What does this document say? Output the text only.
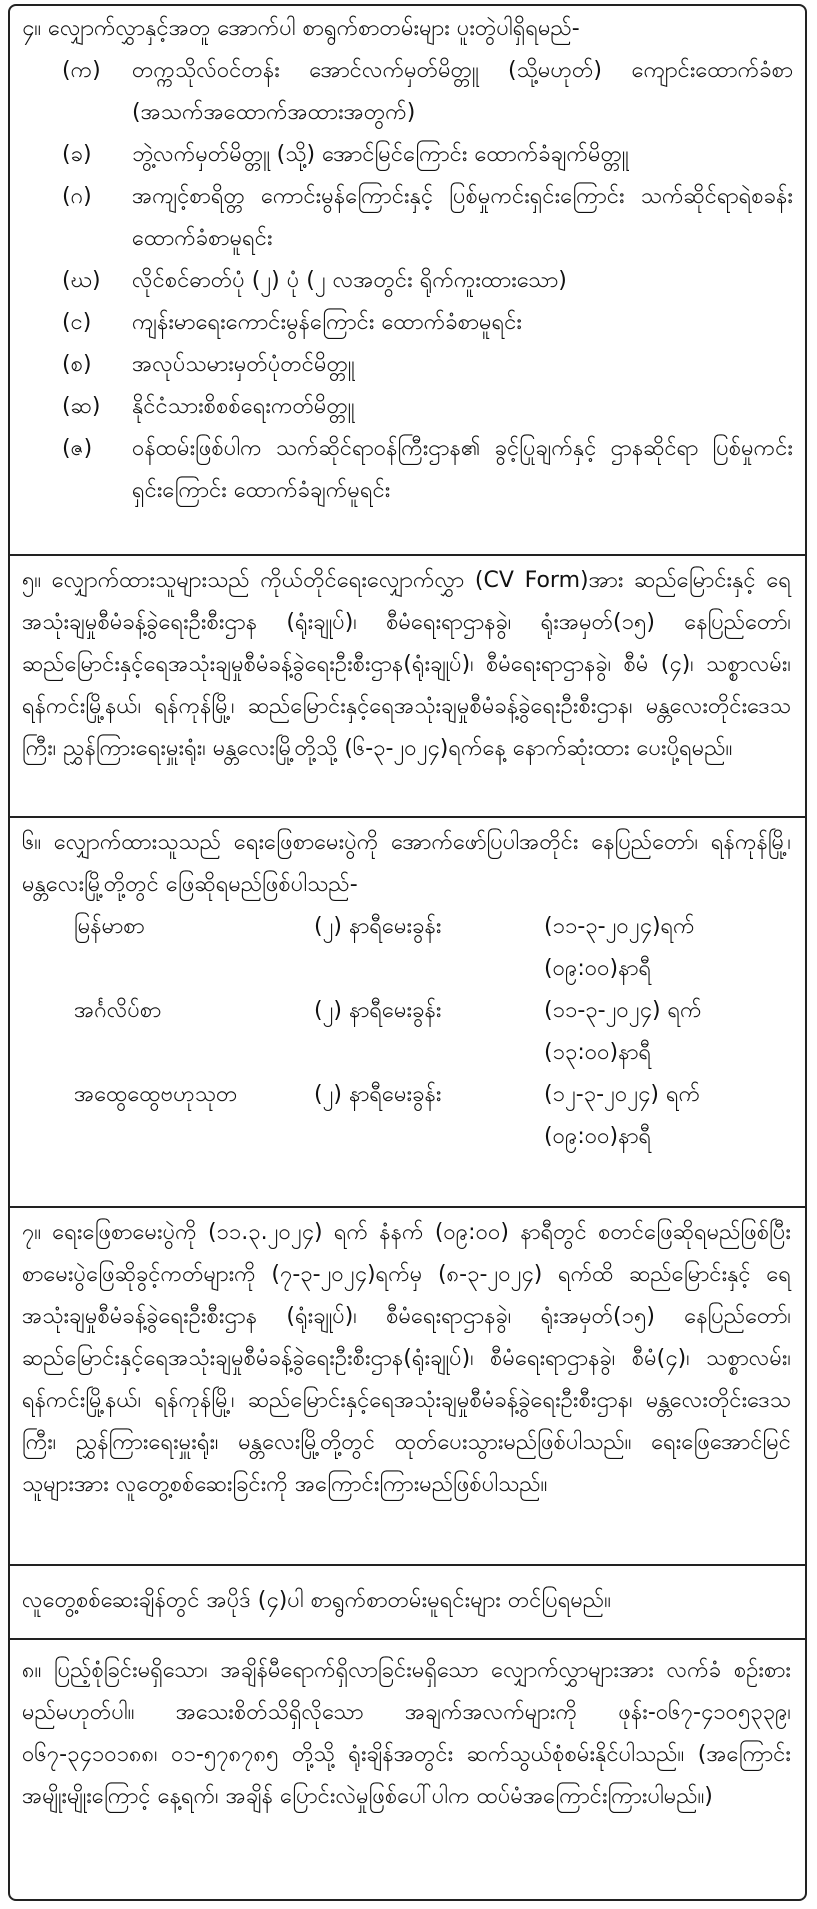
၄။ လျှောက်လွှာနှင့်အတူ အောက်ပါ စာရွက်စာတမ်းများ ပူးတွဲပါရှိရမည်-
(က)	တက္ကသိုလ်ဝင်တန်း အောင်လက်မှတ်မိတ္တူ (သို့မဟုတ်) ကျောင်းထောက်ခံစာ (အသက်အထောက်အထားအတွက်)
(ခ)	ဘွဲ့လက်မှတ်မိတ္တူ (သို့) အောင်မြင်ကြောင်း ထောက်ခံချက်မိတ္တူ
(ဂ)	အကျင့်စာရိတ္တ ကောင်းမွန်ကြောင်းနှင့် ပြစ်မှုကင်းရှင်းကြောင်း သက်ဆိုင်ရာရဲစခန်း ထောက်ခံစာမူရင်း
(ဃ)	လိုင်စင်ဓာတ်ပုံ (၂) ပုံ (၂ လအတွင်း ရိုက်ကူးထားသော)
(င)	ကျန်းမာရေးကောင်းမွန်ကြောင်း ထောက်ခံစာမူရင်း
(စ)	အလုပ်သမားမှတ်ပုံတင်မိတ္တူ
(ဆ)	နိုင်ငံသားစိစစ်ရေးကတ်မိတ္တူ
(ဇ)	ဝန်ထမ်းဖြစ်ပါက သက်ဆိုင်ရာဝန်ကြီးဌာန၏ ခွင့်ပြုချက်နှင့် ဌာနဆိုင်ရာ ပြစ်မှုကင်းရှင်းကြောင်း ထောက်ခံချက်မူရင်း
၅။ လျှောက်ထားသူများသည် ကိုယ်တိုင်ရေးလျှောက်လွှာ (CV Form)အား ဆည်မြောင်းနှင့် ရေအသုံးချမှုစီမံခန့်ခွဲရေးဦးစီးဌာန (ရုံးချုပ်)၊ စီမံရေးရာဌာနခွဲ၊ ရုံးအမှတ်(၁၅) နေပြည်တော်၊ ဆည်မြောင်းနှင့်ရေအသုံးချမှုစီမံခန့်ခွဲရေးဦးစီးဌာန(ရုံးချုပ်)၊ စီမံရေးရာဌာနခွဲ၊ စီမံ (၄)၊ သစ္စာလမ်း၊ ရန်ကင်းမြို့နယ်၊ ရန်ကုန်မြို့၊ ဆည်မြောင်းနှင့်ရေအသုံးချမှုစီမံခန့်ခွဲရေးဦးစီးဌာန၊ မန္တလေးတိုင်းဒေသကြီး၊ ညွှန်ကြားရေးမှူးရုံး၊ မန္တလေးမြို့တို့သို့ (၆-၃-၂၀၂၄)ရက်နေ့ နောက်ဆုံးထား ပေးပို့ရမည်။
၆။ လျှောက်ထားသူသည် ရေးဖြေစာမေးပွဲကို အောက်ဖော်ပြပါအတိုင်း နေပြည်တော်၊ ရန်ကုန်မြို့၊ မန္တလေးမြို့တို့တွင် ဖြေဆိုရမည်ဖြစ်ပါသည်-
မြန်မာစာ	(၂) နာရီမေးခွန်း	(၁၁-၃-၂၀၂၄)ရက်
(၀၉:၀၀)နာရီ
အင်္ဂလိပ်စာ	(၂) နာရီမေးခွန်း	(၁၁-၃-၂၀၂၄) ရက်
(၁၃:၀၀)နာရီ
အထွေထွေဗဟုသုတ	(၂) နာရီမေးခွန်း	(၁၂-၃-၂၀၂၄) ရက်
(၀၉:၀၀)နာရီ
၇။ ရေးဖြေစာမေးပွဲကို (၁၁.၃.၂၀၂၄) ရက် နံနက် (၀၉:၀၀) နာရီတွင် စတင်ဖြေဆိုရမည်ဖြစ်ပြီး စာမေးပွဲဖြေဆိုခွင့်ကတ်များကို (၇-၃-၂၀၂၄)ရက်မှ (၈-၃-၂၀၂၄) ရက်ထိ ဆည်မြောင်းနှင့် ရေအသုံးချမှုစီမံခန့်ခွဲရေးဦးစီးဌာန (ရုံးချုပ်)၊ စီမံရေးရာဌာနခွဲ၊ ရုံးအမှတ်(၁၅) နေပြည်တော်၊ ဆည်မြောင်းနှင့်ရေအသုံးချမှုစီမံခန့်ခွဲရေးဦးစီးဌာန(ရုံးချုပ်)၊ စီမံရေးရာဌာနခွဲ၊ စီမံ(၄)၊ သစ္စာလမ်း၊ ရန်ကင်းမြို့နယ်၊ ရန်ကုန်မြို့၊ ဆည်မြောင်းနှင့်ရေအသုံးချမှုစီမံခန့်ခွဲရေးဦးစီးဌာန၊ မန္တလေးတိုင်းဒေသကြီး၊ ညွှန်ကြားရေးမှူးရုံး၊ မန္တလေးမြို့တို့တွင် ထုတ်ပေးသွားမည်ဖြစ်ပါသည်။ ရေးဖြေအောင်မြင်သူများအား လူတွေ့စစ်ဆေးခြင်းကို အကြောင်းကြားမည်ဖြစ်ပါသည်။
လူတွေ့စစ်ဆေးချိန်တွင် အပိုဒ် (၄)ပါ စာရွက်စာတမ်းမူရင်းများ တင်ပြရမည်။
၈။ ပြည့်စုံခြင်းမရှိသော၊ အချိန်မီရောက်ရှိလာခြင်းမရှိသော လျှောက်လွှာများအား လက်ခံ စဉ်းစားမည်မဟုတ်ပါ။ အသေးစိတ်သိရှိလိုသော အချက်အလက်များကို ဖုန်း-၀၆၇-၄၁၀၅၃၃၉၊ ၀၆၇-၃၄၁၀၁၈၈၊ ၀၁-၅၇၈၇၈၅ တို့သို့ ရုံးချိန်အတွင်း ဆက်သွယ်စုံစမ်းနိုင်ပါသည်။ (အကြောင်းအမျိုးမျိုးကြောင့် နေ့ရက်၊ အချိန် ပြောင်းလဲမှုဖြစ်ပေါ်ပါက ထပ်မံအကြောင်းကြားပါမည်။)
